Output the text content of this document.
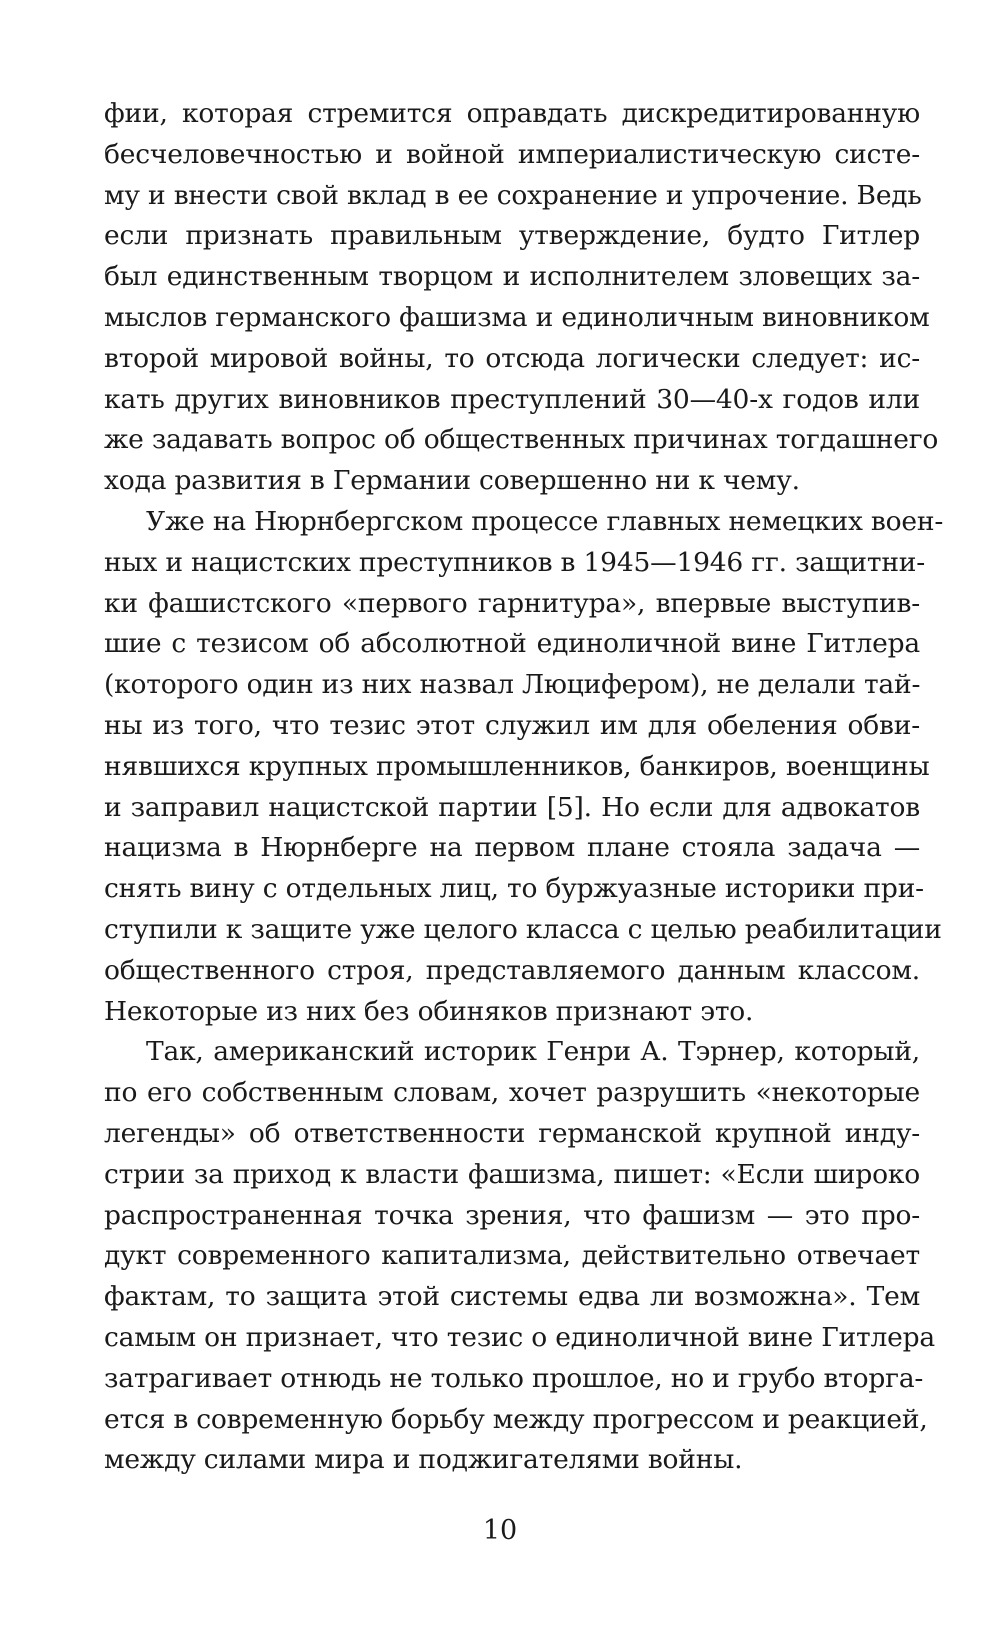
фии, которая стремится оправдать дискредитированную
бесчеловечностью и войной империалистическую систе-
му и внести свой вклад в ее сохранение и упрочение. Ведь
если признать правильным утверждение, будто Гитлер
был единственным творцом и исполнителем зловещих за-
мыслов германского фашизма и единоличным виновником
второй мировой войны, то отсюда логически следует: ис-
кать других виновников преступлений 30—40-х годов или
же задавать вопрос об общественных причинах тогдашнего
хода развития в Германии совершенно ни к чему.
Уже на Нюрнбергском процессе главных немецких воен-
ных и нацистских преступников в 1945—1946 гг. защитни-
ки фашистского «первого гарнитура», впервые выступив-
шие с тезисом об абсолютной единоличной вине Гитлера
(которого один из них назвал Люцифером), не делали тай-
ны из того, что тезис этот служил им для обеления обви-
нявшихся крупных промышленников, банкиров, военщины
и заправил нацистской партии [5]. Но если для адвокатов
нацизма в Нюрнберге на первом плане стояла задача —
снять вину с отдельных лиц, то буржуазные историки при-
ступили к защите уже целого класса с целью реабилитации
общественного строя, представляемого данным классом.
Некоторые из них без обиняков признают это.
Так, американский историк Генри А. Тэрнер, который,
по его собственным словам, хочет разрушить «некоторые
легенды» об ответственности германской крупной инду-
стрии за приход к власти фашизма, пишет: «Если широко
распространенная точка зрения, что фашизм — это про-
дукт современного капитализма, действительно отвечает
фактам, то защита этой системы едва ли возможна». Тем
самым он признает, что тезис о единоличной вине Гитлера
затрагивает отнюдь не только прошлое, но и грубо вторга-
ется в современную борьбу между прогрессом и реакцией,
между силами мира и поджигателями войны.
10
